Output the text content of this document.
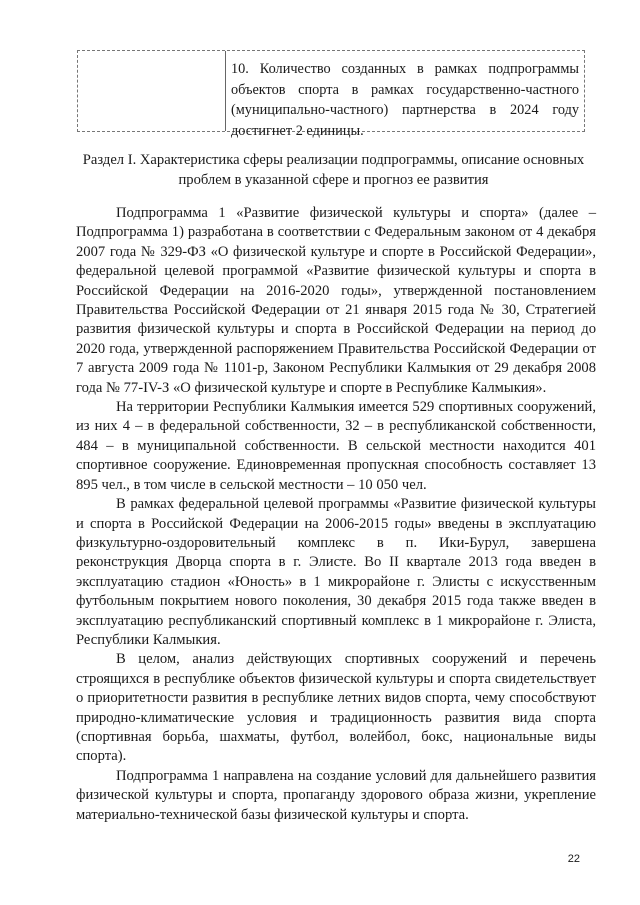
10. Количество созданных в рамках подпрограммы объектов спорта в рамках государственно-частного (муниципально-частного) партнерства в 2024 году достигнет 2 единицы.
Раздел I. Характеристика сферы реализации подпрограммы, описание основных проблем в указанной сфере и прогноз ее развития

Подпрограмма 1 «Развитие физической культуры и спорта» (далее – Подпрограмма 1) разработана в соответствии с Федеральным законом от 4 декабря 2007 года № 329-ФЗ «О физической культуре и спорте в Российской Федерации», федеральной целевой программой «Развитие физической культуры и спорта в Российской Федерации на 2016-2020 годы», утвержденной постановлением Правительства Российской Федерации от 21 января 2015 года № 30, Стратегией развития физической культуры и спорта в Российской Федерации на период до 2020 года, утвержденной распоряжением Правительства Российской Федерации от 7 августа 2009 года № 1101-р, Законом Республики Калмыкия от 29 декабря 2008 года № 77-IV-З «О физической культуре и спорте в Республике Калмыкия».

На территории Республики Калмыкия имеется 529 спортивных сооружений, из них 4 – в федеральной собственности, 32 – в республиканской собственности, 484 – в муниципальной собственности. В сельской местности находится 401 спортивное сооружение. Единовременная пропускная способность составляет 13 895 чел., в том числе в сельской местности – 10 050 чел.

В рамках федеральной целевой программы «Развитие физической культуры и спорта в Российской Федерации на 2006-2015 годы» введены в эксплуатацию физкультурно-оздоровительный комплекс в п. Ики-Бурул, завершена реконструкция Дворца спорта в г. Элисте. Во II квартале 2013 года введен в эксплуатацию стадион «Юность» в 1 микрорайоне г. Элисты с искусственным футбольным покрытием нового поколения, 30 декабря 2015 года также введен в эксплуатацию республиканский спортивный комплекс в 1 микрорайоне г. Элиста, Республики Калмыкия.

В целом, анализ действующих спортивных сооружений и перечень строящихся в республике объектов физической культуры и спорта свидетельствует о приоритетности развития в республике летних видов спорта, чему способствуют природно-климатические условия и традиционность развития вида спорта (спортивная борьба, шахматы, футбол, волейбол, бокс, национальные виды спорта).

Подпрограмма 1 направлена на создание условий для дальнейшего развития физической культуры и спорта, пропаганду здорового образа жизни, укрепление материально-технической базы физической культуры и спорта.

22
